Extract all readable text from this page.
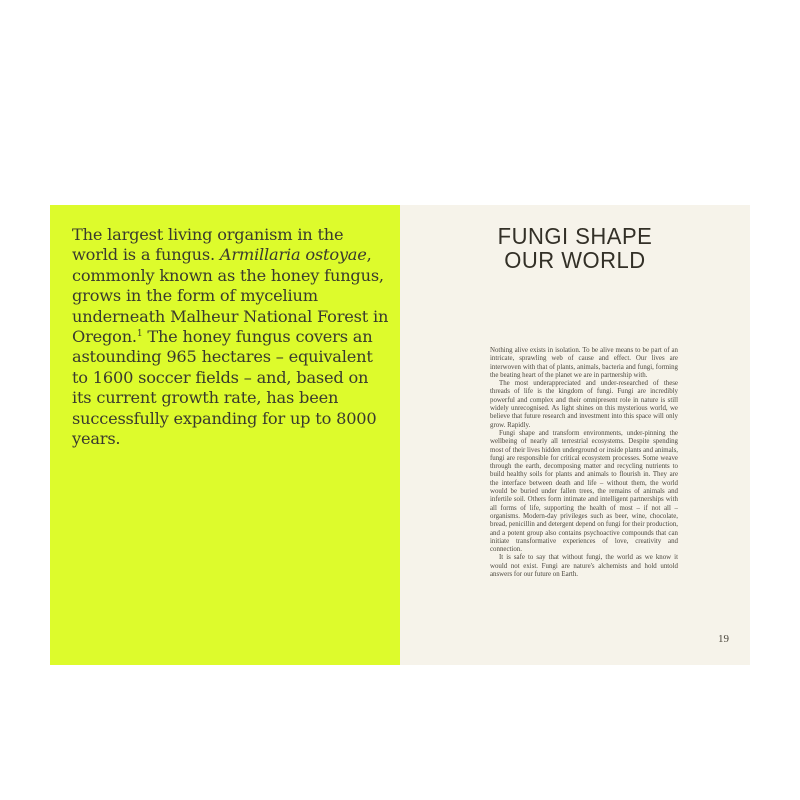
The largest living organism in the world is a fungus. Armillaria ostoyae, commonly known as the honey fungus, grows in the form of mycelium underneath Malheur National Forest in Oregon.$^1$ The honey fungus covers an astounding 965 hectares – equivalent to 1600 soccer fields – and, based on its current growth rate, has been successfully expanding for up to 8000 years.

FUNGI SHAPE
OUR WORLD

Nothing alive exists in isolation. To be alive means to be part of an intricate, sprawling web of cause and effect. Our lives are interwoven with that of plants, animals, bacteria and fungi, forming the beating heart of the planet we are in partnership with.

The most underappreciated and under-researched of these threads of life is the kingdom of fungi. Fungi are incredibly powerful and complex and their omnipresent role in nature is still widely unrecognised. As light shines on this mysterious world, we believe that future research and investment into this space will only grow. Rapidly.

Fungi shape and transform environments, under-pinning the wellbeing of nearly all terrestrial ecosystems. Despite spending most of their lives hidden underground or inside plants and animals, fungi are responsible for critical ecosystem processes. Some weave through the earth, decomposing matter and recycling nutrients to build healthy soils for plants and animals to flourish in. They are the interface between death and life – without them, the world would be buried under fallen trees, the remains of animals and infertile soil. Others form intimate and intelligent partnerships with all forms of life, supporting the health of most – if not all – organisms. Modern-day privileges such as beer, wine, chocolate, bread, penicillin and detergent depend on fungi for their production, and a potent group also contains psychoactive compounds that can initiate transformative experiences of love, creativity and connection.

It is safe to say that without fungi, the world as we know it would not exist. Fungi are nature's alchemists and hold untold answers for our future on Earth.

19
